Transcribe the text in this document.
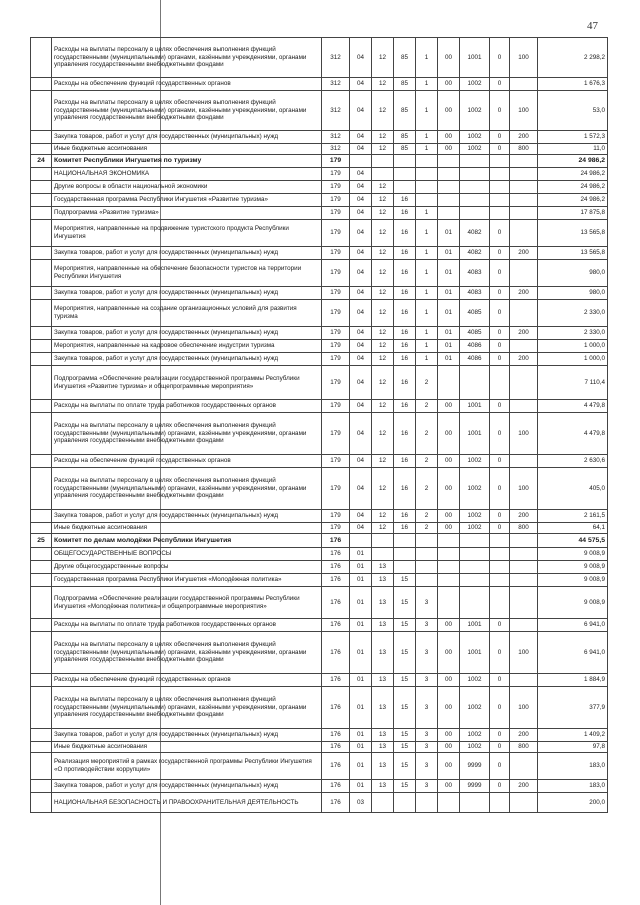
47
	Расходы на выплаты персоналу в целях обеспечения выполнения функций государственными (муниципальными) органами, казёнными учреждениями, органами управления государственными внебюджетными фондами	312	04	12	85	1	00	1001	0	100	2 298,2
	Расходы на обеспечение функций государственных органов	312	04	12	85	1	00	1002	0		1 676,3
	Расходы на выплаты персоналу в целях обеспечения выполнения функций государственными (муниципальными) органами, казёнными учреждениями, органами управления государственными внебюджетными фондами	312	04	12	85	1	00	1002	0	100	53,0
	Закупка товаров, работ и услуг для государственных (муниципальных) нужд	312	04	12	85	1	00	1002	0	200	1 572,3
	Иные бюджетные ассигнования	312	04	12	85	1	00	1002	0	800	11,0
24	Комитет Республики Ингушетия по туризму	179									24 986,2
	НАЦИОНАЛЬНАЯ ЭКОНОМИКА	179	04								24 986,2
	Другие вопросы в области национальной экономики	179	04	12							24 986,2
	Государственная программа Республики Ингушетия «Развитие туризма»	179	04	12	16						24 986,2
	Подпрограмма «Развитие туризма»	179	04	12	16	1					17 875,8
	Мероприятия, направленные на продвижение туристского продукта Республики Ингушетия	179	04	12	16	1	01	4082	0		13 565,8
	Закупка товаров, работ и услуг для государственных (муниципальных) нужд	179	04	12	16	1	01	4082	0	200	13 565,8
	Мероприятия, направленные на обеспечение безопасности туристов на территории Республики Ингушетия	179	04	12	16	1	01	4083	0		980,0
	Закупка товаров, работ и услуг для государственных (муниципальных) нужд	179	04	12	16	1	01	4083	0	200	980,0
	Мероприятия, направленные на создание организационных условий для развития туризма	179	04	12	16	1	01	4085	0		2 330,0
	Закупка товаров, работ и услуг для государственных (муниципальных) нужд	179	04	12	16	1	01	4085	0	200	2 330,0
	Мероприятия, направленные на кадровое обеспечение индустрии туризма	179	04	12	16	1	01	4086	0		1 000,0
	Закупка товаров, работ и услуг для государственных (муниципальных) нужд	179	04	12	16	1	01	4086	0	200	1 000,0
	Подпрограмма «Обеспечение реализации государственной программы Республики Ингушетия «Развитие туризма» и общепрограммные мероприятия»	179	04	12	16	2					7 110,4
	Расходы на выплаты по оплате труда работников государственных органов	179	04	12	16	2	00	1001	0		4 479,8
	Расходы на выплаты персоналу в целях обеспечения выполнения функций государственными (муниципальными) органами, казёнными учреждениями, органами управления государственными внебюджетными фондами	179	04	12	16	2	00	1001	0	100	4 479,8
	Расходы на обеспечение функций государственных органов	179	04	12	16	2	00	1002	0		2 630,6
	Расходы на выплаты персоналу в целях обеспечения выполнения функций государственными (муниципальными) органами, казёнными учреждениями, органами управления государственными внебюджетными фондами	179	04	12	16	2	00	1002	0	100	405,0
	Закупка товаров, работ и услуг для государственных (муниципальных) нужд	179	04	12	16	2	00	1002	0	200	2 161,5
	Иные бюджетные ассигнования	179	04	12	16	2	00	1002	0	800	64,1
25	Комитет по делам молодёжи Республики Ингушетия	176									44 575,5
	ОБЩЕГОСУДАРСТВЕННЫЕ ВОПРОСЫ	176	01								9 008,9
	Другие общегосударственные вопросы	176	01	13							9 008,9
	Государственная программа Республики Ингушетия «Молодёжная политика»	176	01	13	15						9 008,9
	Подпрограмма «Обеспечение реализации государственной программы Республики Ингушетия «Молодёжная политика» и общепрограммные мероприятия»	176	01	13	15	3					9 008,9
	Расходы на выплаты по оплате труда работников государственных органов	176	01	13	15	3	00	1001	0		6 941,0
	Расходы на выплаты персоналу в целях обеспечения выполнения функций государственными (муниципальными) органами, казёнными учреждениями, органами управления государственными внебюджетными фондами	176	01	13	15	3	00	1001	0	100	6 941,0
	Расходы на обеспечение функций государственных органов	176	01	13	15	3	00	1002	0		1 884,9
	Расходы на выплаты персоналу в целях обеспечения выполнения функций государственными (муниципальными) органами, казёнными учреждениями, органами управления государственными внебюджетными фондами	176	01	13	15	3	00	1002	0	100	377,9
	Закупка товаров, работ и услуг для государственных (муниципальных) нужд	176	01	13	15	3	00	1002	0	200	1 409,2
	Иные бюджетные ассигнования	176	01	13	15	3	00	1002	0	800	97,8
	Реализация мероприятий в рамках государственной программы Республики Ингушетия «О противодействии коррупции»	176	01	13	15	3	00	9999	0		183,0
	Закупка товаров, работ и услуг для государственных (муниципальных) нужд	176	01	13	15	3	00	9999	0	200	183,0
	НАЦИОНАЛЬНАЯ БЕЗОПАСНОСТЬ И ПРАВООХРАНИТЕЛЬНАЯ ДЕЯТЕЛЬНОСТЬ	176	03								200,0
